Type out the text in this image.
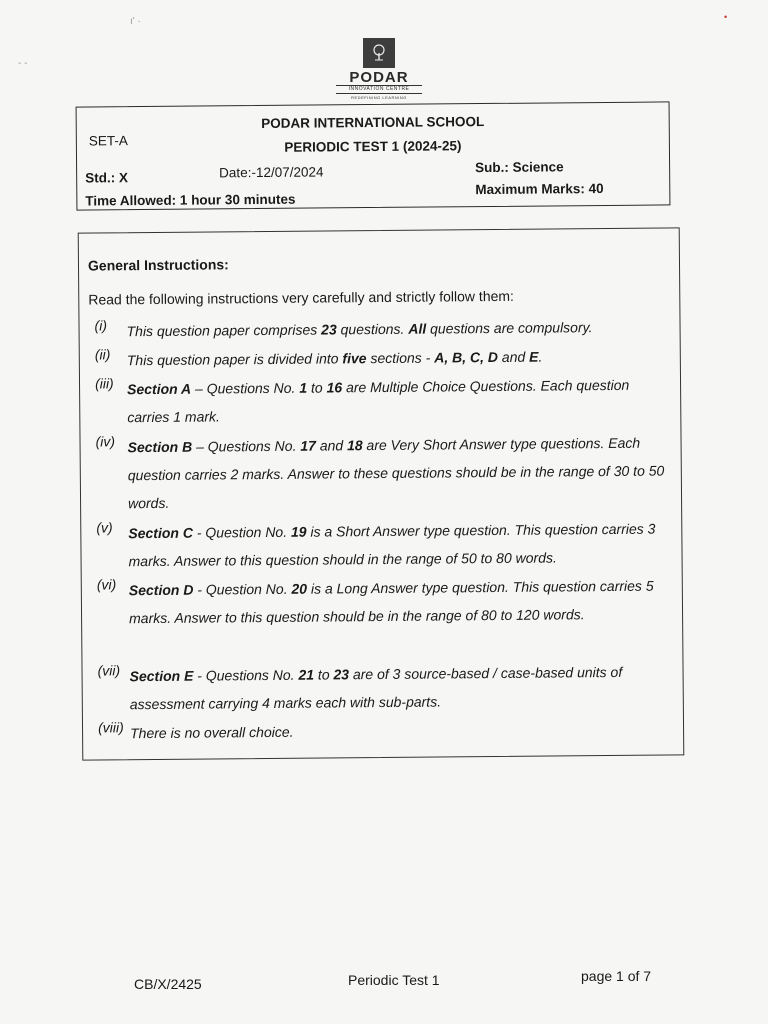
ı' ·	•
- -
PODAR
INNOVATION CENTRE
REDEFINING LEARNING
SET-A
PODAR INTERNATIONAL SCHOOL
PERIODIC TEST 1 (2024-25)
Std.: X	Date:-12/07/2024	Sub.: Science
Time Allowed: 1 hour 30 minutes
Maximum Marks: 40
General Instructions:
Read the following instructions very carefully and strictly follow them:
(i) This question paper comprises 23 questions. All questions are compulsory.
(ii) This question paper is divided into five sections - A, B, C, D and E.
(iii) Section A – Questions No. 1 to 16 are Multiple Choice Questions. Each question carries 1 mark.
(iv) Section B – Questions No. 17 and 18 are Very Short Answer type questions. Each question carries 2 marks. Answer to these questions should be in the range of 30 to 50 words.
(v) Section C - Question No. 19 is a Short Answer type question. This question carries 3 marks. Answer to this question should in the range of 50 to 80 words.
(vi) Section D - Question No. 20 is a Long Answer type question. This question carries 5 marks. Answer to this question should be in the range of 80 to 120 words.
(vii) Section E - Questions No. 21 to 23 are of 3 source-based / case-based units of assessment carrying 4 marks each with sub-parts.
(viii) There is no overall choice.
CB/X/2425	Periodic Test 1	page 1 of 7
